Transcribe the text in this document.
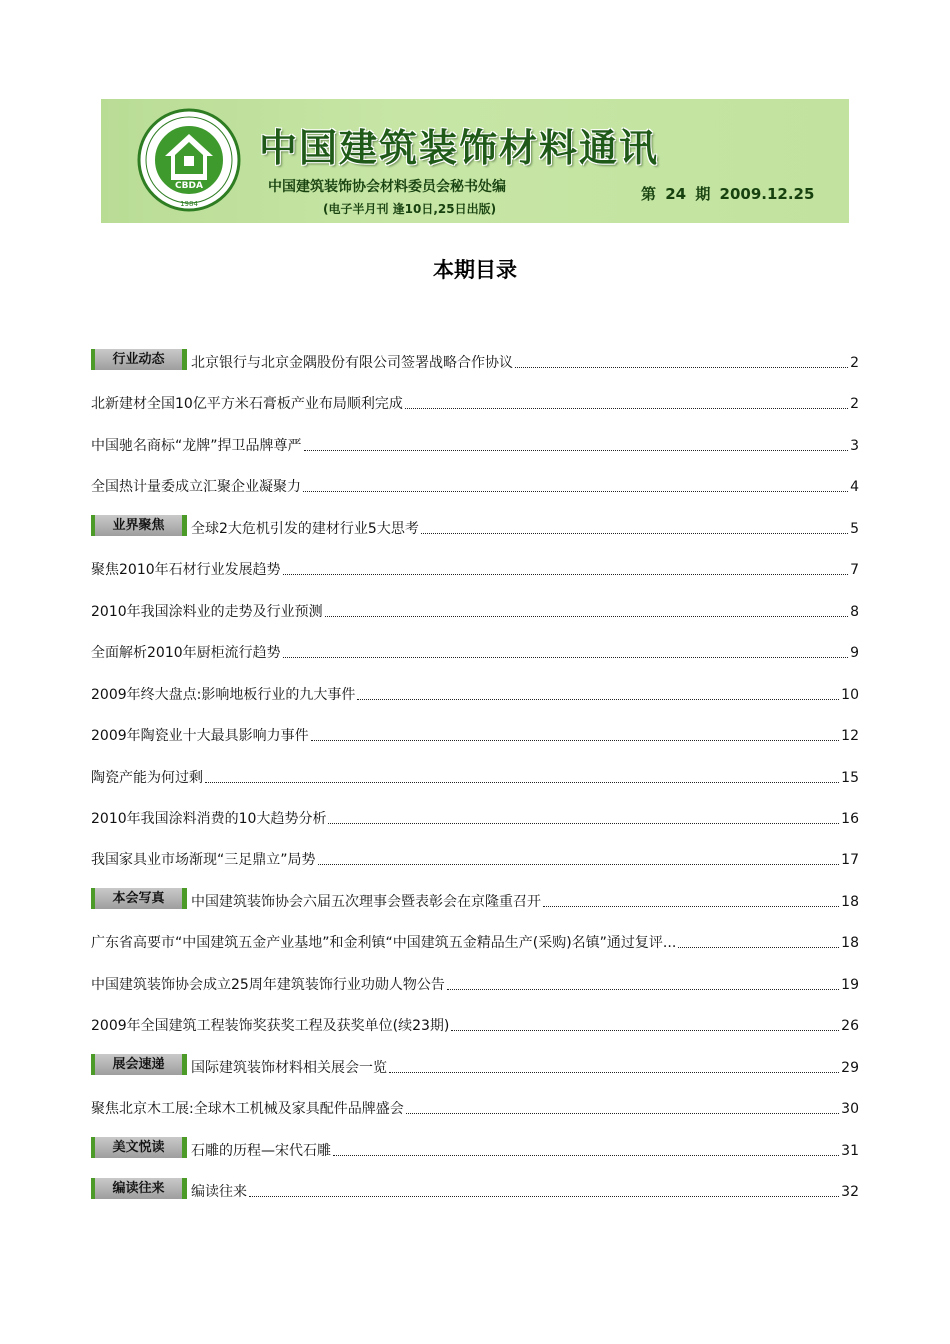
CBDA
1984
中国建筑装饰材料通讯
中国建筑装饰协会材料委员会秘书处编
(电子半月刊 逢10日,25日出版)
第 24 期 2009.12.25
本期目录
行业动态	北京银行与北京金隅股份有限公司签署战略合作协议	2
北新建材全国10亿平方米石膏板产业布局顺利完成	2
中国驰名商标“龙牌”捍卫品牌尊严	3
全国热计量委成立汇聚企业凝聚力	4
业界聚焦	全球2大危机引发的建材行业5大思考	5
聚焦2010年石材行业发展趋势	7
2010年我国涂料业的走势及行业预测	8
全面解析2010年厨柜流行趋势	9
2009年终大盘点:影响地板行业的九大事件	10
2009年陶瓷业十大最具影响力事件	12
陶瓷产能为何过剩	15
2010年我国涂料消费的10大趋势分析	16
我国家具业市场渐现“三足鼎立”局势	17
本会写真	中国建筑装饰协会六届五次理事会暨表彰会在京隆重召开	18
广东省高要市“中国建筑五金产业基地”和金利镇“中国建筑五金精品生产(采购)名镇”通过复评...	18
中国建筑装饰协会成立25周年建筑装饰行业功勋人物公告	19
2009年全国建筑工程装饰奖获奖工程及获奖单位(续23期)	26
展会速递	国际建筑装饰材料相关展会一览	29
聚焦北京木工展:全球木工机械及家具配件品牌盛会	30
美文悦读	石雕的历程—宋代石雕	31
编读往来	编读往来	32
